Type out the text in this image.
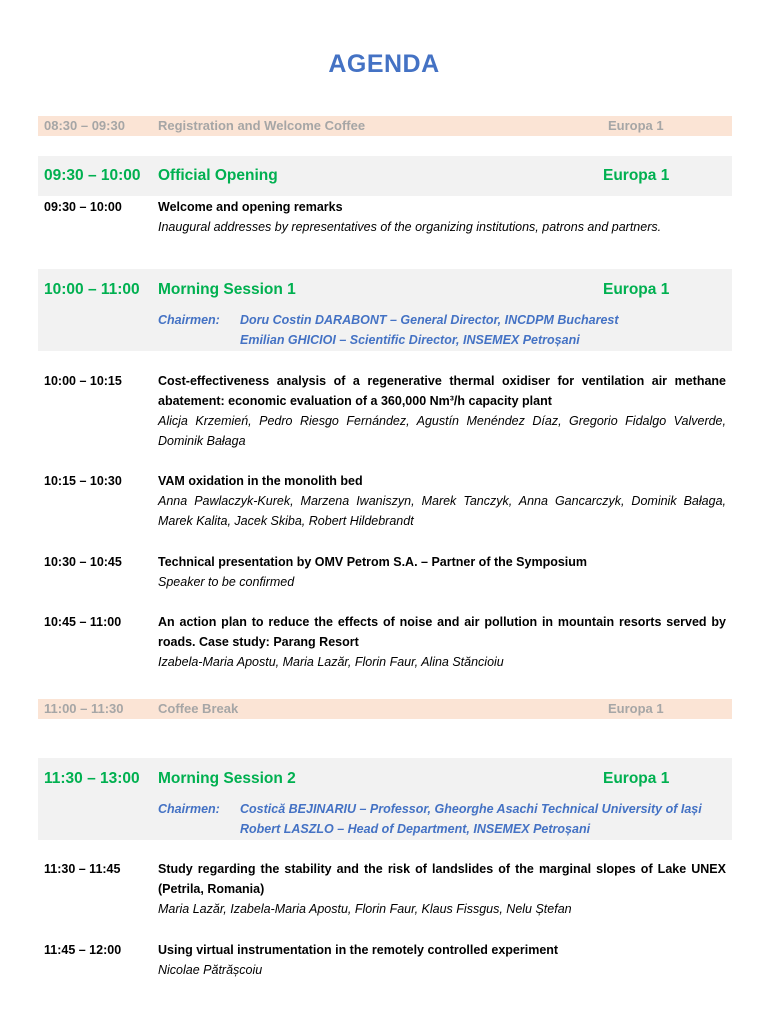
AGENDA
08:30 – 09:30	Registration and Welcome Coffee	Europa 1
09:30 – 10:00 Official Opening	Europa 1
09:30 – 10:00	Welcome and opening remarks
Inaugural addresses by representatives of the organizing institutions, patrons and partners.
10:00 – 11:00 Morning Session 1	Europa 1
Chairmen: Doru Costin DARABONT – General Director, INCDPM Bucharest
Emilian GHICIOI – Scientific Director, INSEMEX Petroșani
10:00 – 10:15	Cost-effectiveness analysis of a regenerative thermal oxidiser for ventilation air methane abatement: economic evaluation of a 360,000 Nm³/h capacity plant
Alicja Krzemień, Pedro Riesgo Fernández, Agustín Menéndez Díaz, Gregorio Fidalgo Valverde, Dominik Bałaga
10:15 – 10:30	VAM oxidation in the monolith bed
Anna Pawlaczyk-Kurek, Marzena Iwaniszyn, Marek Tanczyk, Anna Gancarczyk, Dominik Bałaga, Marek Kalita, Jacek Skiba, Robert Hildebrandt
10:30 – 10:45	Technical presentation by OMV Petrom S.A. – Partner of the Symposium
Speaker to be confirmed
10:45 – 11:00	An action plan to reduce the effects of noise and air pollution in mountain resorts served by roads. Case study: Parang Resort
Izabela-Maria Apostu, Maria Lazăr, Florin Faur, Alina Stăncioiu
11:00 – 11:30	Coffee Break	Europa 1
11:30 – 13:00 Morning Session 2	Europa 1
Chairmen: Costică BEJINARIU – Professor, Gheorghe Asachi Technical University of Iași
Robert LASZLO – Head of Department, INSEMEX Petroșani
11:30 – 11:45	Study regarding the stability and the risk of landslides of the marginal slopes of Lake UNEX (Petrila, Romania)
Maria Lazăr, Izabela-Maria Apostu, Florin Faur, Klaus Fissgus, Nelu Ștefan
11:45 – 12:00	Using virtual instrumentation in the remotely controlled experiment
Nicolae Pătrășcoiu
